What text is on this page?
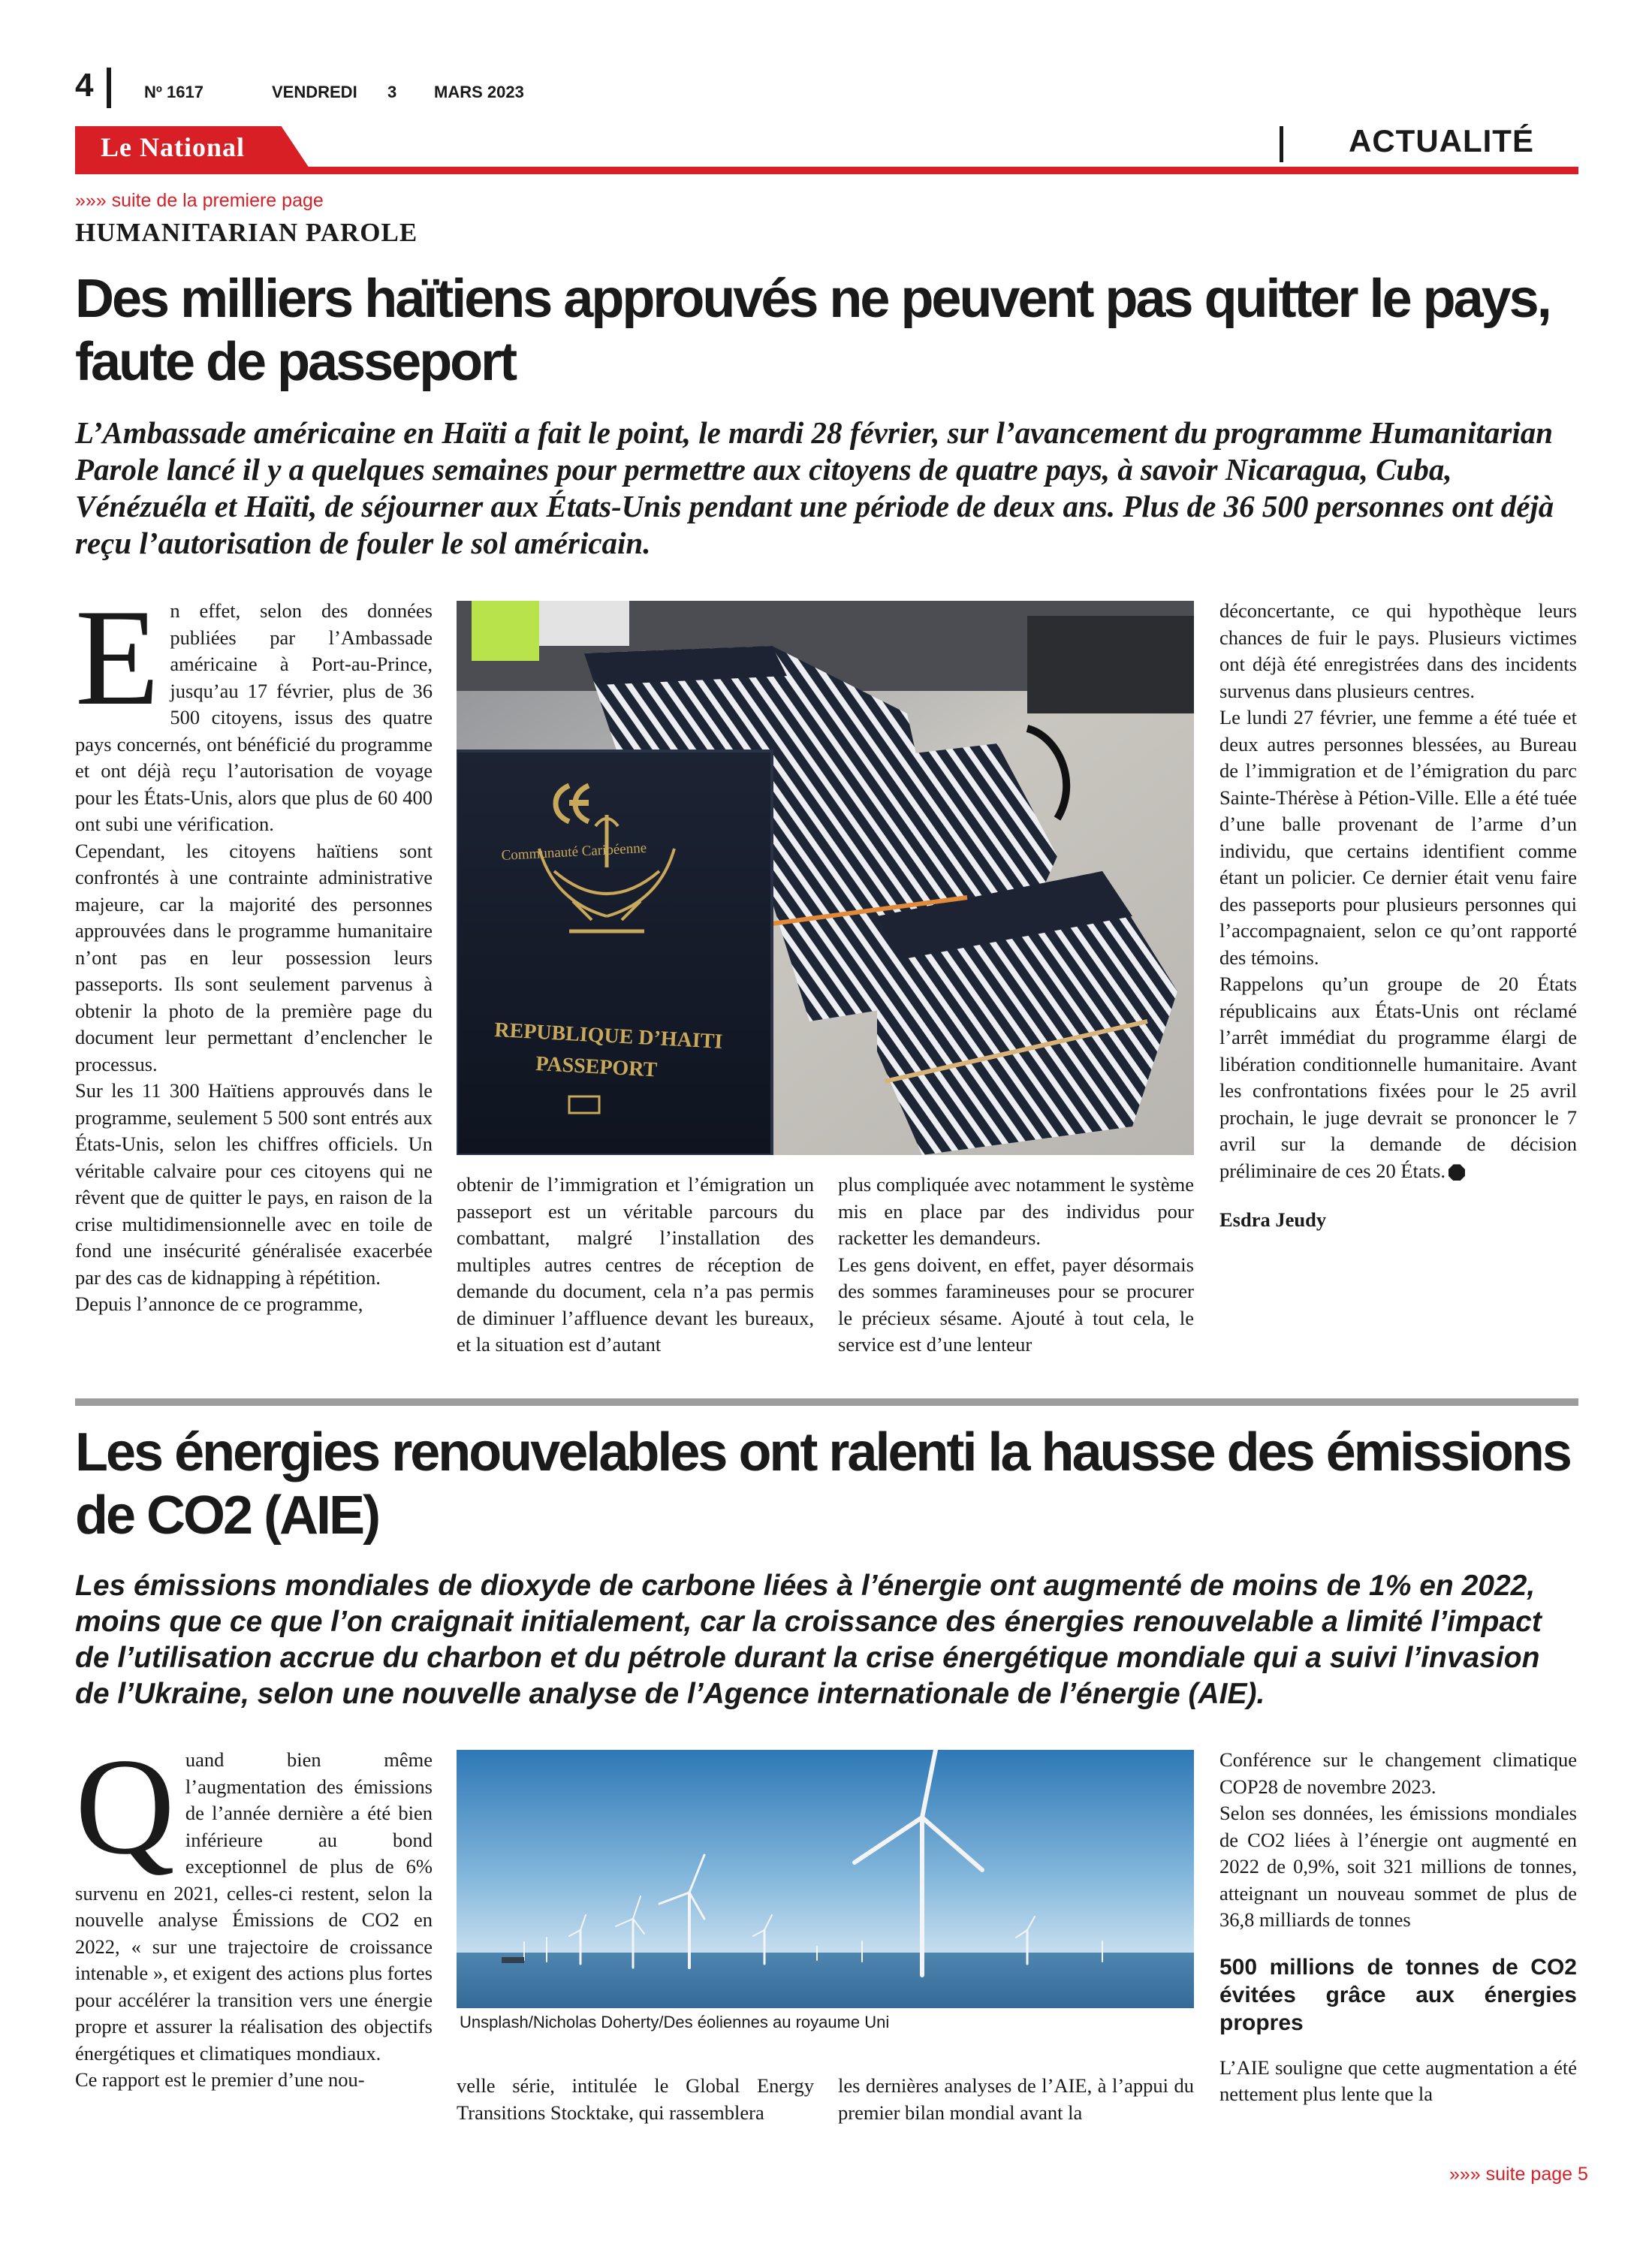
4	Nº 1617	VENDREDI 3 MARS 2023
Le National	ACTUALITÉ
»»» suite de la premiere page
HUMANITARIAN PAROLE
Des milliers haïtiens approuvés ne peuvent pas quitter le pays, faute de passeport

L’Ambassade américaine en Haïti a fait le point, le mardi 28 février, sur l’avancement du programme Humanitarian Parole lancé il y a quelques semaines pour permettre aux citoyens de quatre pays, à savoir Nicaragua, Cuba, Vénézuéla et Haïti, de séjourner aux États-Unis pendant une période de deux ans. Plus de 36 500 personnes ont déjà reçu l’autorisation de fouler le sol américain.

En effet, selon des données publiées par l’Ambassade américaine à Port-au-Prince, jusqu’au 17 février, plus de 36 500 citoyens, issus des quatre pays concernés, ont bénéficié du programme et ont déjà reçu l’autorisation de voyage pour les États-Unis, alors que plus de 60 400 ont subi une vérification.

Cependant, les citoyens haïtiens sont confrontés à une contrainte administrative majeure, car la majorité des personnes approuvées dans le programme humanitaire n’ont pas en leur possession leurs passeports. Ils sont seulement parvenus à obtenir la photo de la première page du document leur permettant d’enclencher le processus.

Sur les 11 300 Haïtiens approuvés dans le programme, seulement 5 500 sont entrés aux États-Unis, selon les chiffres officiels. Un véritable calvaire pour ces citoyens qui ne rêvent que de quitter le pays, en raison de la crise multidimensionnelle avec en toile de fond une insécurité généralisée exacerbée par des cas de kidnapping à répétition.

Depuis l’annonce de ce programme,

Communauté Caribéenne
REPUBLIQUE D’HAITI
PASSEPORT

obtenir de l’immigration et l’émigration un passeport est un véritable parcours du combattant, malgré l’installation des multiples autres centres de réception de demande du document, cela n’a pas permis de diminuer l’affluence devant les bureaux, et la situation est d’autant

plus compliquée avec notamment le système mis en place par des individus pour racketter les demandeurs.

Les gens doivent, en effet, payer désormais des sommes faramineuses pour se procurer le précieux sésame. Ajouté à tout cela, le service est d’une lenteur

déconcertante, ce qui hypothèque leurs chances de fuir le pays. Plusieurs victimes ont déjà été enregistrées dans des incidents survenus dans plusieurs centres.

Le lundi 27 février, une femme a été tuée et deux autres personnes blessées, au Bureau de l’immigration et de l’émigration du parc Sainte-Thérèse à Pétion-Ville. Elle a été tuée d’une balle provenant de l’arme d’un individu, que certains identifient comme étant un policier. Ce dernier était venu faire des passeports pour plusieurs personnes qui l’accompagnaient, selon ce qu’ont rapporté des témoins.

Rappelons qu’un groupe de 20 États républicains aux États-Unis ont réclamé l’arrêt immédiat du programme élargi de libération conditionnelle humanitaire. Avant les confrontations fixées pour le 25 avril prochain, le juge devrait se prononcer le 7 avril sur la demande de décision préliminaire de ces 20 États.

Esdra Jeudy

Les énergies renouvelables ont ralenti la hausse des émissions de CO2 (AIE)

Les émissions mondiales de dioxyde de carbone liées à l’énergie ont augmenté de moins de 1% en 2022, moins que ce que l’on craignait initialement, car la croissance des énergies renouvelable a limité l’impact de l’utilisation accrue du charbon et du pétrole durant la crise énergétique mondiale qui a suivi l’invasion de l’Ukraine, selon une nouvelle analyse de l’Agence internationale de l’énergie (AIE).

Quand bien même l’augmentation des émissions de l’année dernière a été bien inférieure au bond exceptionnel de plus de 6% survenu en 2021, celles-ci restent, selon la nouvelle analyse Émissions de CO2 en 2022, « sur une trajectoire de croissance intenable », et exigent des actions plus fortes pour accélérer la transition vers une énergie propre et assurer la réalisation des objectifs énergétiques et climatiques mondiaux.

Ce rapport est le premier d’une nou-

Unsplash/Nicholas Doherty/Des éoliennes au royaume Uni

velle série, intitulée le Global Energy Transitions Stocktake, qui rassemblera

les dernières analyses de l’AIE, à l’appui du premier bilan mondial avant la

Conférence sur le changement climatique COP28 de novembre 2023.

Selon ses données, les émissions mondiales de CO2 liées à l’énergie ont augmenté en 2022 de 0,9%, soit 321 millions de tonnes, atteignant un nouveau sommet de plus de 36,8 milliards de tonnes

500 millions de tonnes de CO2 évitées grâce aux énergies propres

L’AIE souligne que cette augmentation a été nettement plus lente que la

»»» suite page 5
